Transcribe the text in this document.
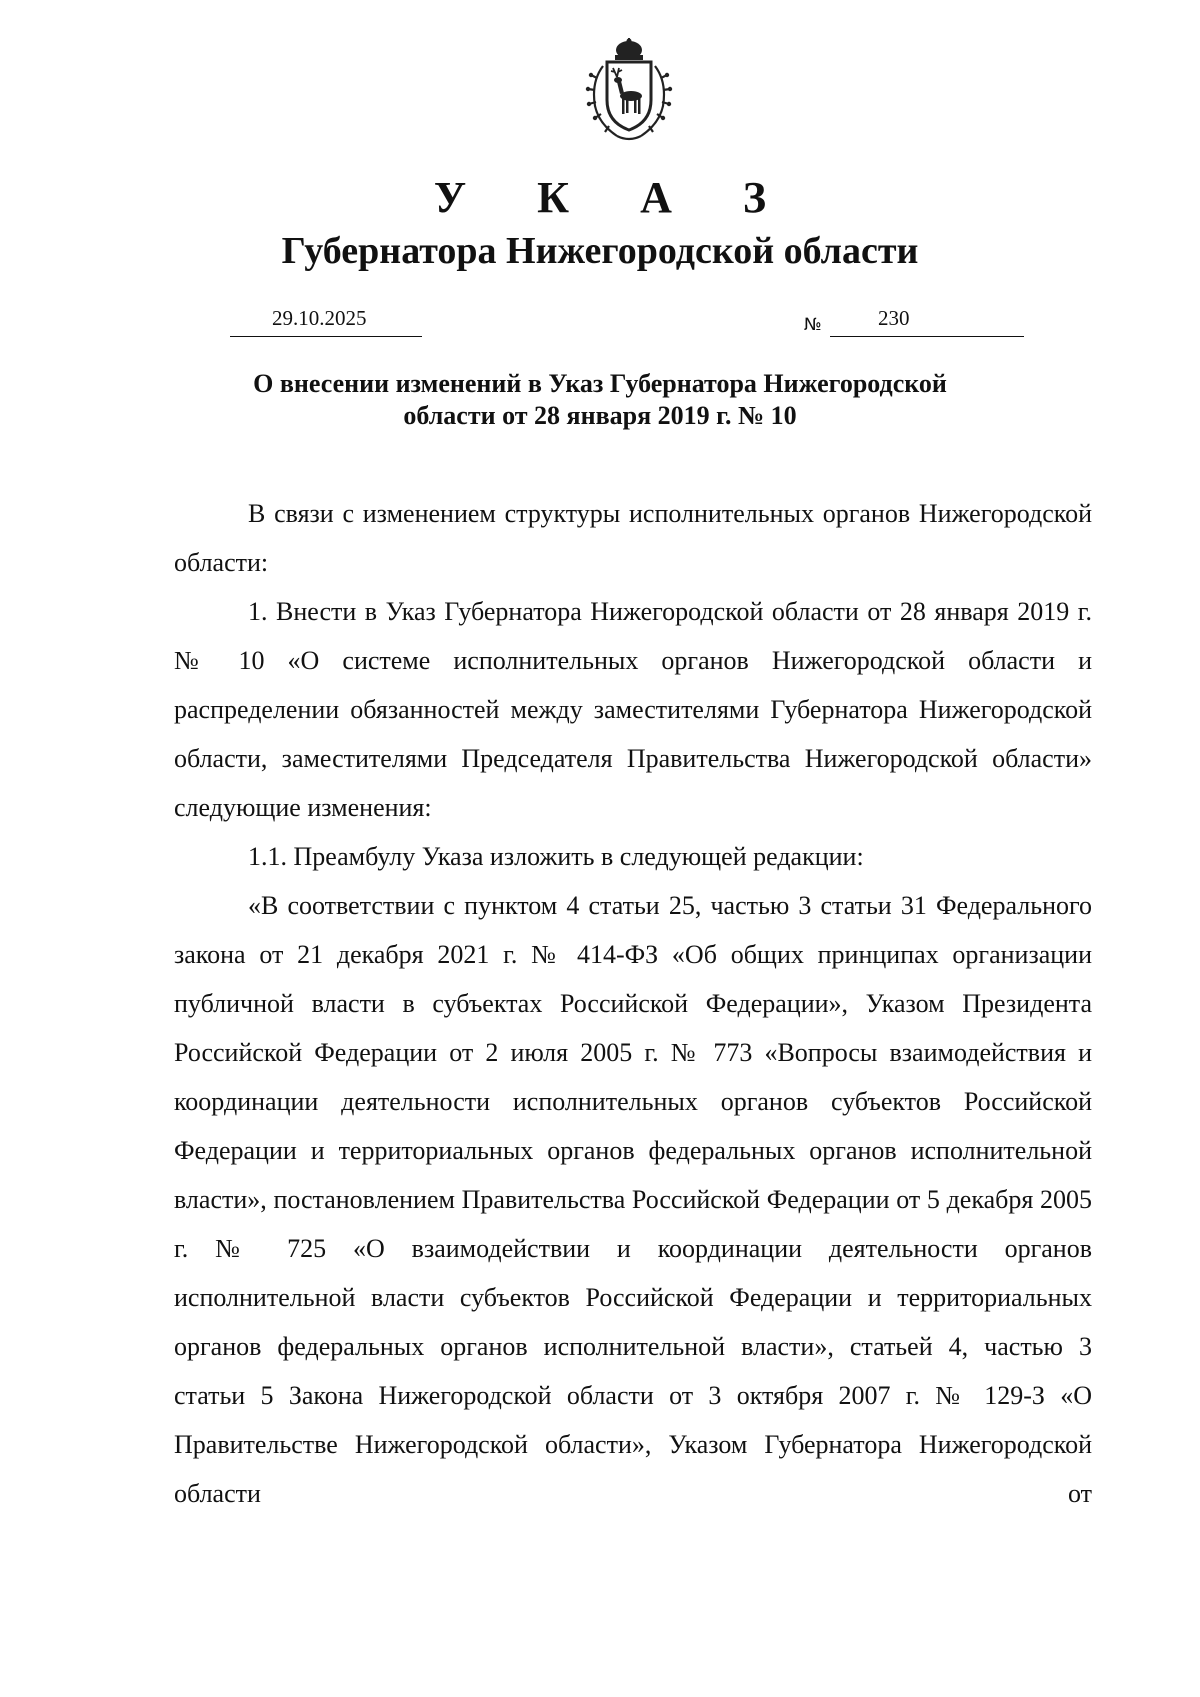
У К А З
Губернатора Нижегородской области
29.10.2025	№	230
О внесении изменений в Указ Губернатора Нижегородской
области от 28 января 2019 г. № 10

В связи с изменением структуры исполнительных органов Нижегородской области:

1. Внести в Указ Губернатора Нижегородской области от 28 января 2019 г. № 10 «О системе исполнительных органов Нижегородской области и распределении обязанностей между заместителями Губернатора Нижегородской области, заместителями Председателя Правительства Нижегородской области» следующие изменения:

1.1. Преамбулу Указа изложить в следующей редакции:

«В соответствии с пунктом 4 статьи 25, частью 3 статьи 31 Федерального закона от 21 декабря 2021 г. № 414-ФЗ «Об общих принципах организации публичной власти в субъектах Российской Федерации», Указом Президента Российской Федерации от 2 июля 2005 г. № 773 «Вопросы взаимодействия и координации деятельности исполнительных органов субъектов Российской Федерации и территориальных органов федеральных органов исполнительной власти», постановлением Правительства Российской Федерации от 5 декабря 2005 г. № 725 «О взаимодействии и координации деятельности органов исполнительной власти субъектов Российской Федерации и территориальных органов федеральных органов исполнительной власти», статьей 4, частью 3 статьи 5 Закона Нижегородской области от 3 октября 2007 г. № 129-З «О Правительстве Нижегородской области», Указом Губернатора Нижегородской области от
